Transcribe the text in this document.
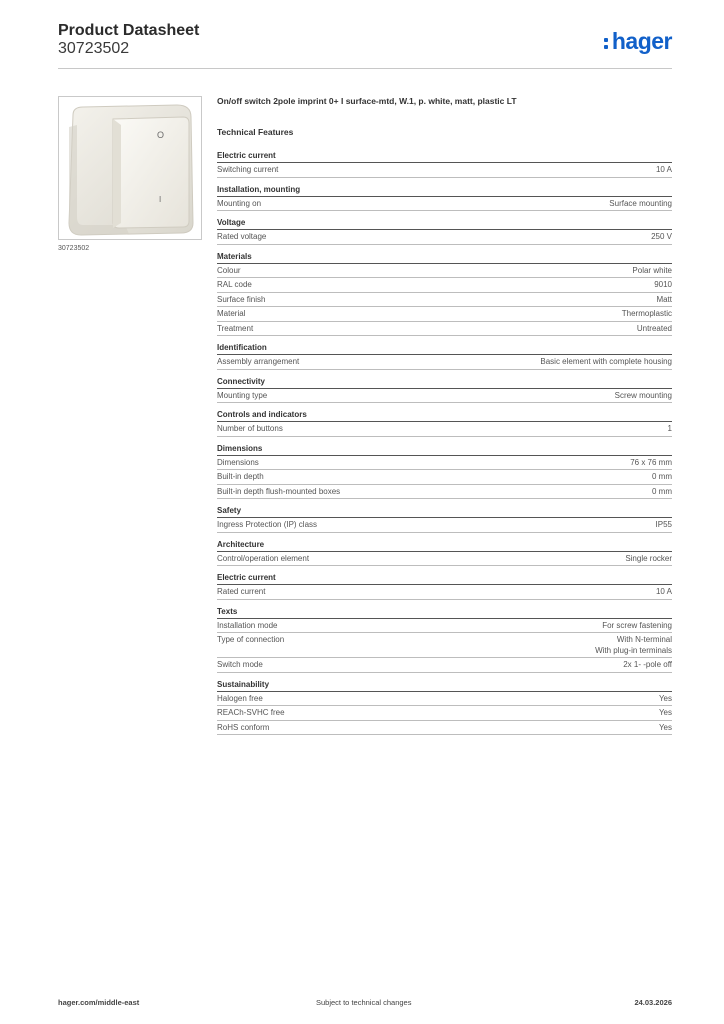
Product Datasheet
30723502	hager
O
I
30723502
On/off switch 2pole imprint 0+ I surface-mtd, W.1, p. white, matt, plastic LT
Technical Features
Electric current
Switching current	10 A
Installation, mounting
Mounting on	Surface mounting
Voltage
Rated voltage	250 V
Materials
Colour	Polar white
RAL code	9010
Surface finish	Matt
Material	Thermoplastic
Treatment	Untreated
Identification
Assembly arrangement	Basic element with complete housing
Connectivity
Mounting type	Screw mounting
Controls and indicators
Number of buttons	1
Dimensions
Dimensions	76 x 76 mm
Built-in depth	0 mm
Built-in depth flush-mounted boxes	0 mm
Safety
Ingress Protection (IP) class	IP55
Architecture
Control/operation element	Single rocker
Electric current
Rated current	10 A
Texts
Installation mode	For screw fastening
Type of connection	With N-terminal
With plug-in terminals
Switch mode	2x 1- -pole off
Sustainability
Halogen free	Yes
REACh-SVHC free	Yes
RoHS conform	Yes
hager.com/middle-east	Subject to technical changes	24.03.2026
